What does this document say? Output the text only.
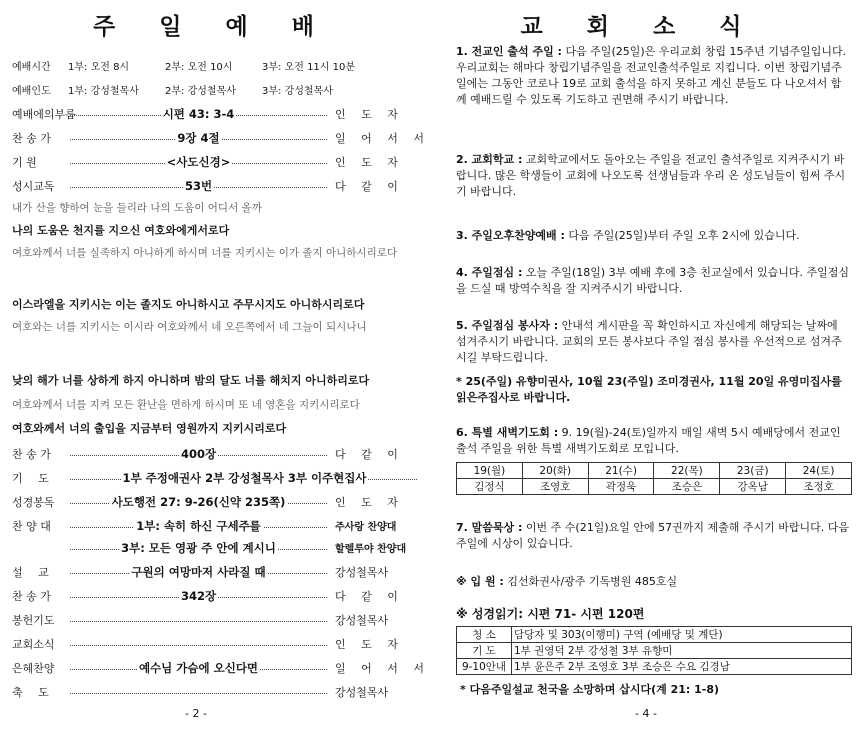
주 일 예 배
예배시간 1부: 오전 8시	2부: 오전 10시	3부: 오전 11시 10분
예배인도 1부: 강성철목사	2부: 강성철목사	3부: 강성철목사
예배에의부름	시편 43: 3-4	인 도 자
찬 송 가	9장 4절	일 어 서 서
기 원	<사도신경>	인 도 자
성시교독	53번	다 같 이
내가 산을 향하여 눈을 들리라 나의 도움이 어디서 올까
나의 도움은 천지를 지으신 여호와에게서로다
여호와께서 너를 실족하지 아니하게 하시며 너를 지키시는 이가 졸지 아니하시리로다
이스라엘을 지키시는 이는 졸지도 아니하시고 주무시지도 아니하시리로다
여호와는 너를 지키시는 이시라 여호와께서 네 오른쪽에서 네 그늘이 되시나니
낮의 해가 너를 상하게 하지 아니하며 밤의 달도 너를 해치지 아니하리로다
여호와께서 너를 지켜 모든 환난을 면하게 하시며 또 네 영혼을 지키시리로다
여호와께서 너의 출입을 지금부터 영원까지 지키시리로다
찬 송 가	400장	다 같 이
기 도	1부 주정애권사 2부 강성철목사 3부 이주현집사
성경봉독	사도행전 27: 9-26(신약 235쪽)	인 도 자
찬 양 대	1부: 속히 하신 구세주를	주사랑 찬양대
3부: 모든 영광 주 안에 계시니	할렐루야 찬양대
설 교	구원의 여망마저 사라질 때	강성철목사
찬 송 가	342장	다 같 이
봉헌기도	강성철목사
교회소식	인 도 자
은혜찬양	예수님 가슴에 오신다면	일 어 서 서
축 도	강성철목사
- 2 -
교 회 소 식
1. 전교인 출석 주일 : 다음 주일(25일)은 우리교회 창립 15주년 기념주일입니다. 우리교회는 해마다 창립기념주일을 전교인출석주일로 지킵니다. 이번 창립기념주일에는 그동안 코로나 19로 교회 출석을 하지 못하고 계신 분들도 다 나오셔서 함께 예배드릴 수 있도록 기도하고 권면해 주시기 바랍니다.
2. 교회학교 : 교회학교에서도 돌아오는 주일을 전교인 출석주일로 지켜주시기 바랍니다. 많은 학생들이 교회에 나오도록 선생님들과 우리 온 성도님들이 힘써 주시기 바랍니다.
3. 주일오후찬양예배 : 다음 주일(25일)부터 주일 오후 2시에 있습니다.
4. 주일점심 : 오늘 주일(18일) 3부 예배 후에 3층 친교실에서 있습니다. 주일점심을 드실 때 방역수칙을 잘 지켜주시기 바랍니다.
5. 주일점심 봉사자 : 안내석 게시판을 꼭 확인하시고 자신에게 해당되는 날짜에 섬겨주시기 바랍니다. 교회의 모든 봉사보다 주일 점심 봉사를 우선적으로 섬겨주시길 부탁드립니다.
* 25(주일) 유향미권사, 10월 23(주일) 조미경권사, 11월 20일 유영미집사를 읽은주집사로 바랍니다.
6. 특별 새벽기도회 : 9. 19(월)-24(토)일까지 매일 새벽 5시 예배당에서 전교인 출석 주일을 위한 특별 새벽기도회로 모입니다.
19(월)	20(화)	21(수)	22(목)	23(금)	24(토)
김정식	조영호	곽정욱	조승은	강옥남	조정호
7. 말씀묵상 : 이번 주 수(21일)요일 안에 57권까지 제출해 주시기 바랍니다. 다음 주일에 시상이 있습니다.
※ 입 원 : 김선화권사/광주 기독병원 485호실
※ 성경읽기: 시편 71- 시편 120편
청 소	담당자 및 303(이행미) 구역 (예배당 및 계단)
기 도	1부 권영덕 2부 강성철 3부 유향미
9-10안내	1부 윤은주 2부 조영호 3부 조승은 수요 김경남
* 다음주일설교 천국을 소망하며 삽시다(계 21: 1-8)
- 4 -
